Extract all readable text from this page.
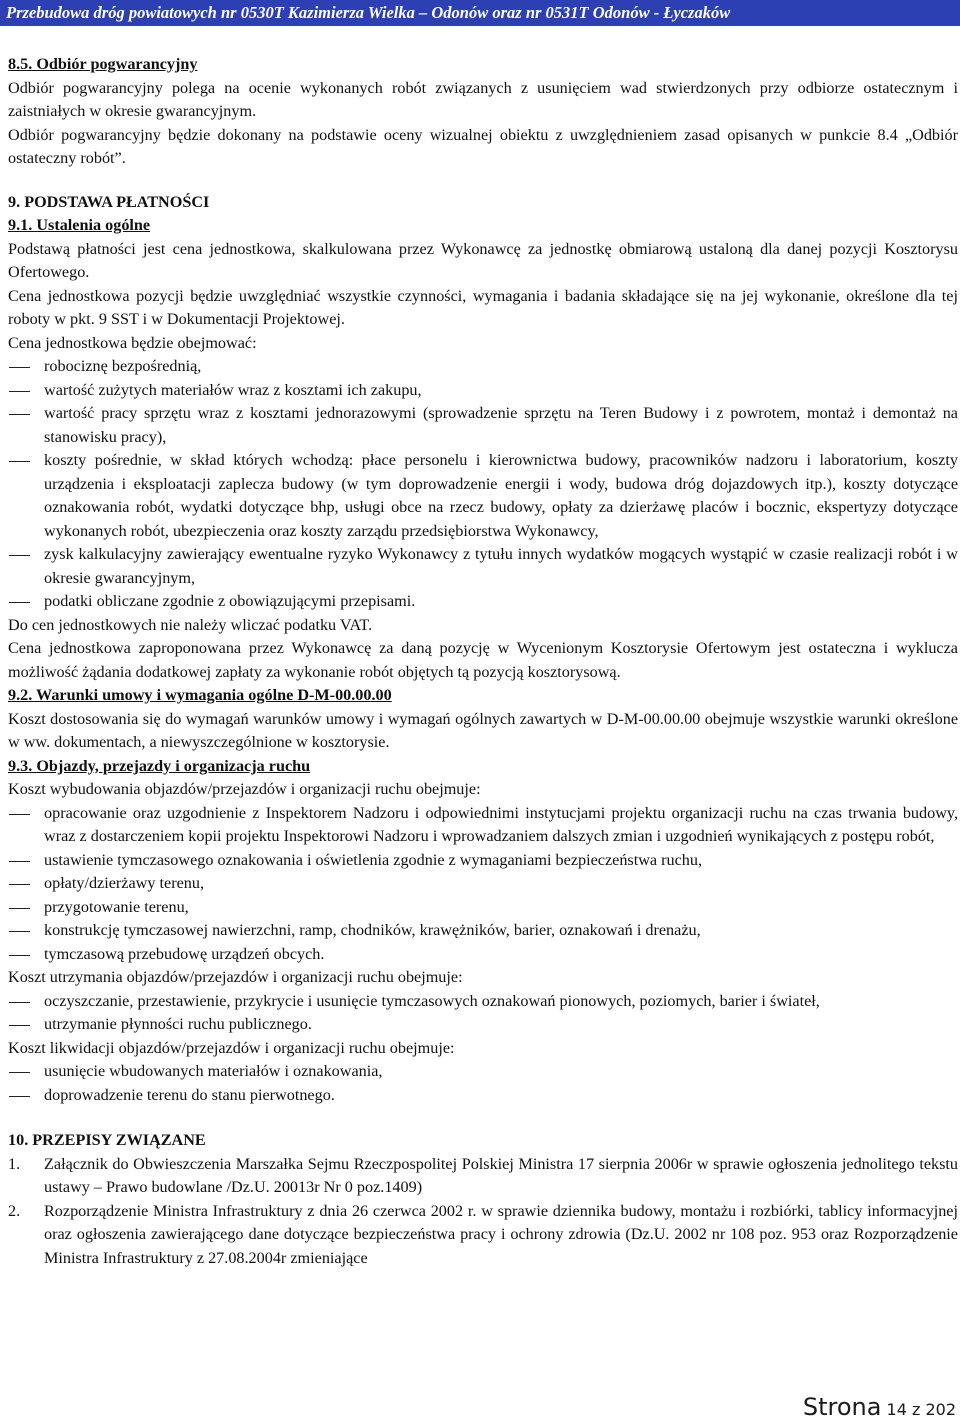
Przebudowa dróg powiatowych nr 0530T Kazimierza Wielka – Odonów oraz nr 0531T Odonów - Łyczaków

8.5. Odbiór pogwarancyjny

Odbiór pogwarancyjny polega na ocenie wykonanych robót związanych z usunięciem wad stwierdzonych przy odbiorze ostatecznym i zaistniałych w okresie gwarancyjnym.

Odbiór pogwarancyjny będzie dokonany na podstawie oceny wizualnej obiektu z uwzględnieniem zasad opisanych w punkcie 8.4 „Odbiór ostateczny robót”.

9. PODSTAWA PŁATNOŚCI

9.1. Ustalenia ogólne

Podstawą płatności jest cena jednostkowa, skalkulowana przez Wykonawcę za jednostkę obmiarową ustaloną dla danej pozycji Kosztorysu Ofertowego.

Cena jednostkowa pozycji będzie uwzględniać wszystkie czynności, wymagania i badania składające się na jej wykonanie, określone dla tej roboty w pkt. 9 SST i w Dokumentacji Projektowej.

Cena jednostkowa będzie obejmować:

robociznę bezpośrednią,
wartość zużytych materiałów wraz z kosztami ich zakupu,
wartość pracy sprzętu wraz z kosztami jednorazowymi (sprowadzenie sprzętu na Teren Budowy i z powrotem, montaż i demontaż na stanowisku pracy),
koszty pośrednie, w skład których wchodzą: płace personelu i kierownictwa budowy, pracowników nadzoru i laboratorium, koszty urządzenia i eksploatacji zaplecza budowy (w tym doprowadzenie energii i wody, budowa dróg dojazdowych itp.), koszty dotyczące oznakowania robót, wydatki dotyczące bhp, usługi obce na rzecz budowy, opłaty za dzierżawę placów i bocznic, ekspertyzy dotyczące wykonanych robót, ubezpieczenia oraz koszty zarządu przedsiębiorstwa Wykonawcy,
zysk kalkulacyjny zawierający ewentualne ryzyko Wykonawcy z tytułu innych wydatków mogących wystąpić w czasie realizacji robót i w okresie gwarancyjnym,
podatki obliczane zgodnie z obowiązującymi przepisami.

Do cen jednostkowych nie należy wliczać podatku VAT.

Cena jednostkowa zaproponowana przez Wykonawcę za daną pozycję w Wycenionym Kosztorysie Ofertowym jest ostateczna i wyklucza możliwość żądania dodatkowej zapłaty za wykonanie robót objętych tą pozycją kosztorysową.

9.2. Warunki umowy i wymagania ogólne D-M-00.00.00

Koszt dostosowania się do wymagań warunków umowy i wymagań ogólnych zawartych w D-M-00.00.00 obejmuje wszystkie warunki określone w ww. dokumentach, a niewyszczególnione w kosztorysie.

9.3. Objazdy, przejazdy i organizacja ruchu

Koszt wybudowania objazdów/przejazdów i organizacji ruchu obejmuje:

opracowanie oraz uzgodnienie z Inspektorem Nadzoru i odpowiednimi instytucjami projektu organizacji ruchu na czas trwania budowy, wraz z dostarczeniem kopii projektu Inspektorowi Nadzoru i wprowadzaniem dalszych zmian i uzgodnień wynikających z postępu robót,
ustawienie tymczasowego oznakowania i oświetlenia zgodnie z wymaganiami bezpieczeństwa ruchu,
opłaty/dzierżawy terenu,
przygotowanie terenu,
konstrukcję tymczasowej nawierzchni, ramp, chodników, krawężników, barier, oznakowań i drenażu,
tymczasową przebudowę urządzeń obcych.

Koszt utrzymania objazdów/przejazdów i organizacji ruchu obejmuje:

oczyszczanie, przestawienie, przykrycie i usunięcie tymczasowych oznakowań pionowych, poziomych, barier i świateł,
utrzymanie płynności ruchu publicznego.

Koszt likwidacji objazdów/przejazdów i organizacji ruchu obejmuje:

usunięcie wbudowanych materiałów i oznakowania,
doprowadzenie terenu do stanu pierwotnego.

10. PRZEPISY ZWIĄZANE

1. Załącznik do Obwieszczenia Marszałka Sejmu Rzeczpospolitej Polskiej Ministra 17 sierpnia 2006r w sprawie ogłoszenia jednolitego tekstu ustawy – Prawo budowlane /Dz.U. 20013r Nr 0 poz.1409)
2. Rozporządzenie Ministra Infrastruktury z dnia 26 czerwca 2002 r. w sprawie dziennika budowy, montażu i rozbiórki, tablicy informacyjnej oraz ogłoszenia zawierającego dane dotyczące bezpieczeństwa pracy i ochrony zdrowia (Dz.U. 2002 nr 108 poz. 953 oraz Rozporządzenie Ministra Infrastruktury z 27.08.2004r zmieniające
Strona 14 z 202
